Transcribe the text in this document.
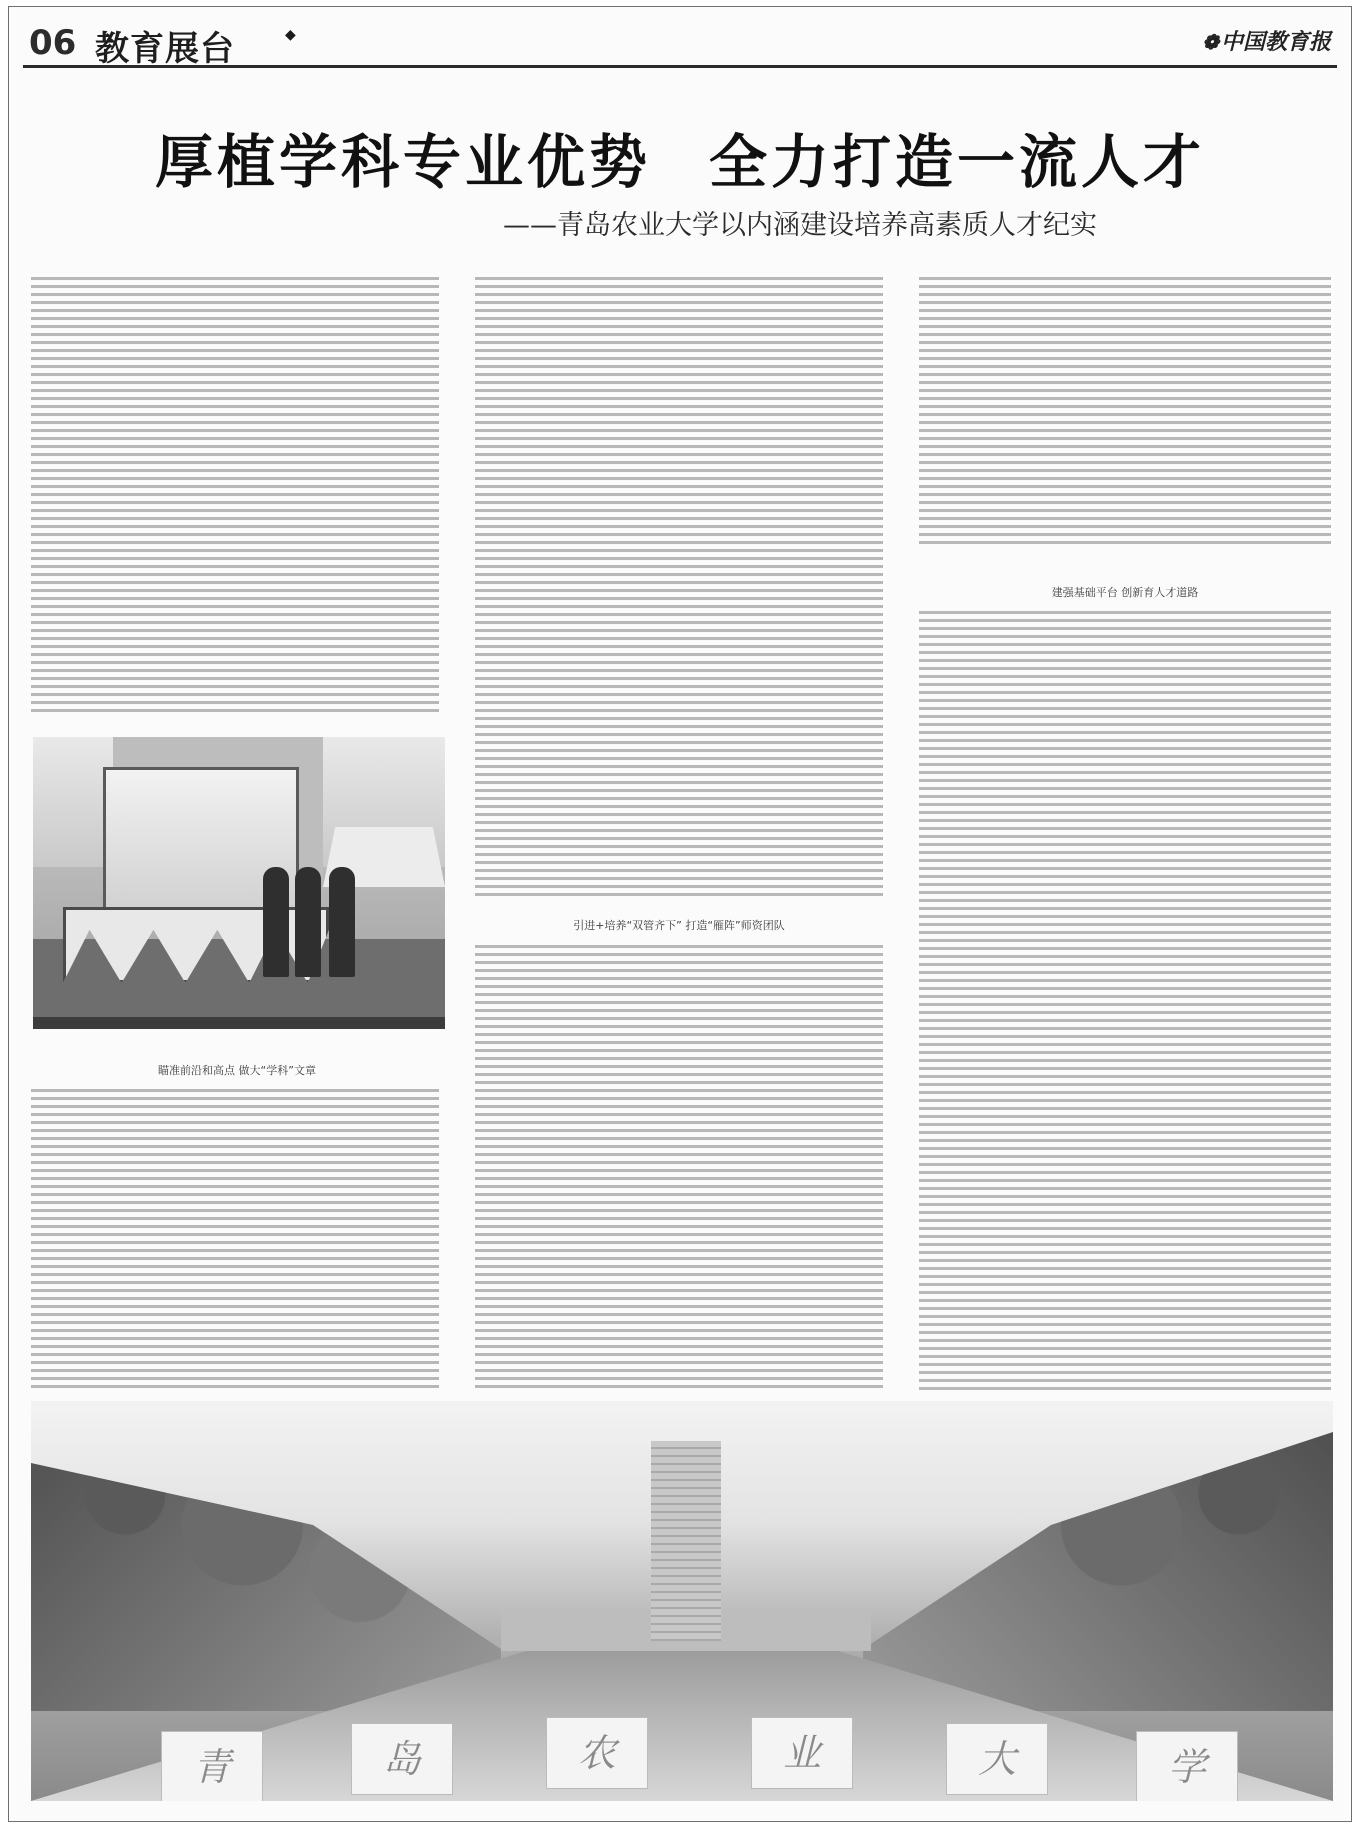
06 教育展台	◆	❁中国教育报
厚植学科专业优势 全力打造一流人才
——青岛农业大学以内涵建设培养高素质人才纪实
瞄准前沿和高点 做大“学科”文章
引进+培养“双管齐下” 打造“雁阵”师资团队
建强基础平台 创新育人才道路
青	岛	农	业	大	学
